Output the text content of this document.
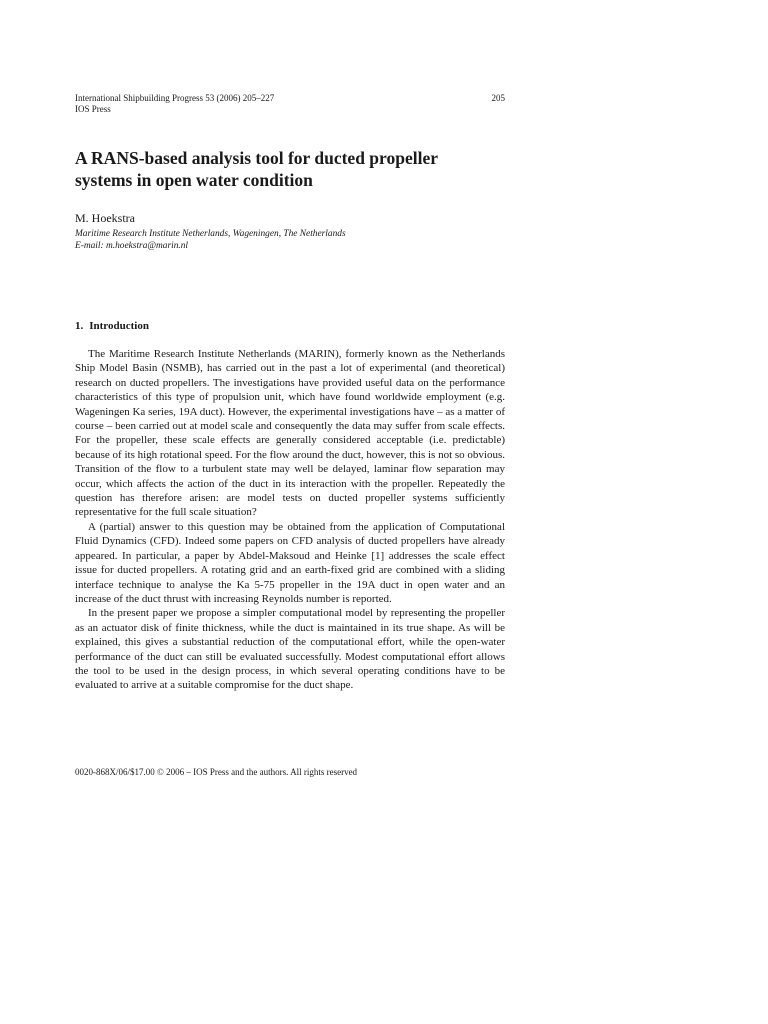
International Shipbuilding Progress 53 (2006) 205–227
IOS Press
205
A RANS-based analysis tool for ducted propeller
systems in open water condition
M. Hoekstra
Maritime Research Institute Netherlands, Wageningen, The Netherlands
E-mail: m.hoekstra@marin.nl
1. Introduction

The Maritime Research Institute Netherlands (MARIN), formerly known as the Netherlands Ship Model Basin (NSMB), has carried out in the past a lot of experimental (and theoretical) research on ducted propellers. The investigations have provided useful data on the performance characteristics of this type of propulsion unit, which have found worldwide employment (e.g. Wageningen Ka series, 19A duct). However, the experimental investigations have – as a matter of course – been carried out at model scale and consequently the data may suffer from scale effects. For the propeller, these scale effects are generally considered acceptable (i.e. predictable) because of its high rotational speed. For the flow around the duct, however, this is not so obvious. Transition of the flow to a turbulent state may well be delayed, laminar flow separation may occur, which affects the action of the duct in its interaction with the propeller. Repeatedly the question has therefore arisen: are model tests on ducted propeller systems sufficiently representative for the full scale situation?

A (partial) answer to this question may be obtained from the application of Computational Fluid Dynamics (CFD). Indeed some papers on CFD analysis of ducted propellers have already appeared. In particular, a paper by Abdel-Maksoud and Heinke [1] addresses the scale effect issue for ducted propellers. A rotating grid and an earth-fixed grid are combined with a sliding interface technique to analyse the Ka 5-75 propeller in the 19A duct in open water and an increase of the duct thrust with increasing Reynolds number is reported.

In the present paper we propose a simpler computational model by representing the propeller as an actuator disk of finite thickness, while the duct is maintained in its true shape. As will be explained, this gives a substantial reduction of the computational effort, while the open-water performance of the duct can still be evaluated successfully. Modest computational effort allows the tool to be used in the design process, in which several operating conditions have to be evaluated to arrive at a suitable compromise for the duct shape.

0020-868X/06/$17.00 © 2006 – IOS Press and the authors. All rights reserved
